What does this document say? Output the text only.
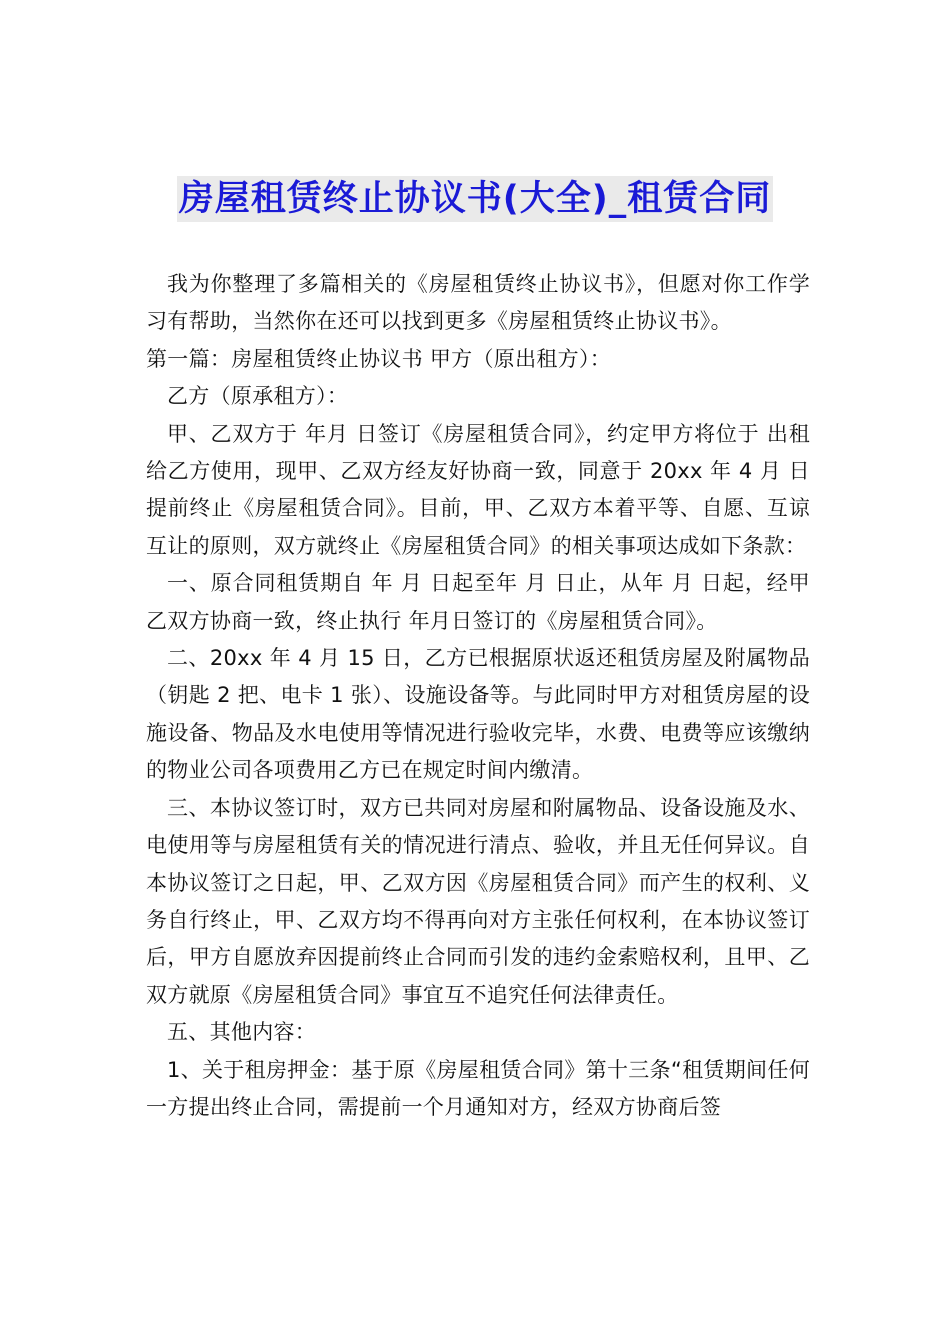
房屋租赁终止协议书(大全)_租赁合同

我为你整理了多篇相关的《房屋租赁终止协议书》，但愿对你工作学习有帮助，当然你在还可以找到更多《房屋租赁终止协议书》。

第一篇：房屋租赁终止协议书 甲方（原出租方）：

乙方（原承租方）：

甲、乙双方于 年月 日签订《房屋租赁合同》，约定甲方将位于 出租给乙方使用，现甲、乙双方经友好协商一致，同意于 20xx 年 4 月 日提前终止《房屋租赁合同》。目前，甲、乙双方本着平等、自愿、互谅互让的原则，双方就终止《房屋租赁合同》的相关事项达成如下条款：

一、原合同租赁期自 年 月 日起至年 月 日止，从年 月 日起，经甲乙双方协商一致，终止执行 年月日签订的《房屋租赁合同》。

二、20xx 年 4 月 15 日，乙方已根据原状返还租赁房屋及附属物品（钥匙 2 把、电卡 1 张）、设施设备等。与此同时甲方对租赁房屋的设施设备、物品及水电使用等情况进行验收完毕，水费、电费等应该缴纳的物业公司各项费用乙方已在规定时间内缴清。

三、本协议签订时，双方已共同对房屋和附属物品、设备设施及水、电使用等与房屋租赁有关的情况进行清点、验收，并且无任何异议。自本协议签订之日起，甲、乙双方因《房屋租赁合同》而产生的权利、义务自行终止，甲、乙双方均不得再向对方主张任何权利，在本协议签订后，甲方自愿放弃因提前终止合同而引发的违约金索赔权利，且甲、乙双方就原《房屋租赁合同》事宜互不追究任何法律责任。

五、其他内容：

1、关于租房押金：基于原《房屋租赁合同》第十三条“租赁期间任何一方提出终止合同，需提前一个月通知对方，经双方协商后签
